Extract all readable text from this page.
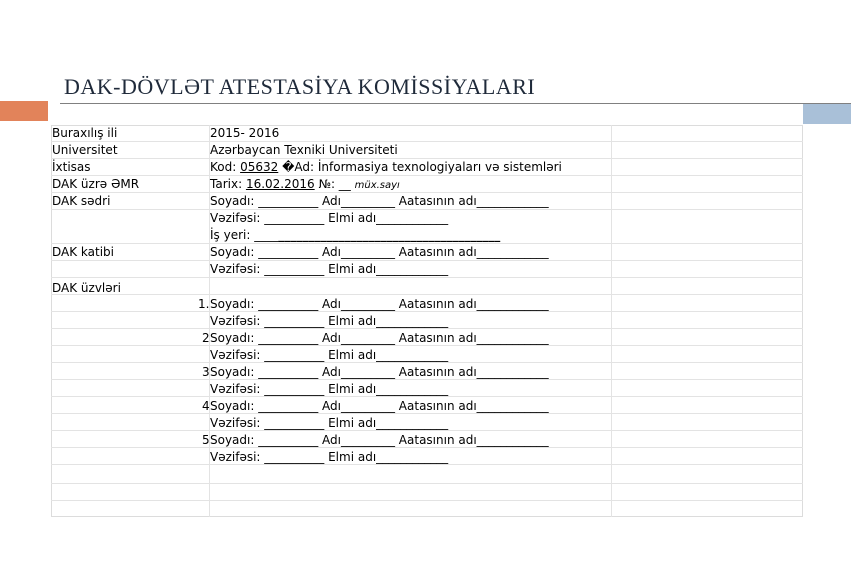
DAK-DÖVLƏT ATESTASİYA KOMİSSİYALARI
Buraxılış ili
Universitet
İxtisas
DAK üzrə ƏMR
DAK sədri
DAK katibi
DAK üzvləri
2015- 2016
Azərbaycan Texniki Universiteti
Kod: 05632 �Ad: İnformasiya texnologiyaları və sistemləri
Tarix: 16.02.2016 №: __ müx.sayı
Soyadı: __________ Adı_________ Aatasının adı____________
Vəzifəsi: __________ Elmi adı____________
İş yeri: _________________________________________
Soyadı: __________ Adı_________ Aatasının adı____________
Vəzifəsi: __________ Elmi adı____________
1. Soyadı: __________ Adı_________ Aatasının adı____________
Vəzifəsi: __________ Elmi adı____________
2 Soyadı: __________ Adı_________ Aatasının adı____________
Vəzifəsi: __________ Elmi adı____________
3 Soyadı: __________ Adı_________ Aatasının adı____________
Vəzifəsi: __________ Elmi adı____________
4 Soyadı: __________ Adı_________ Aatasının adı____________
Vəzifəsi: __________ Elmi adı____________
5 Soyadı: __________ Adı_________ Aatasının adı____________
Vəzifəsi: __________ Elmi adı____________
